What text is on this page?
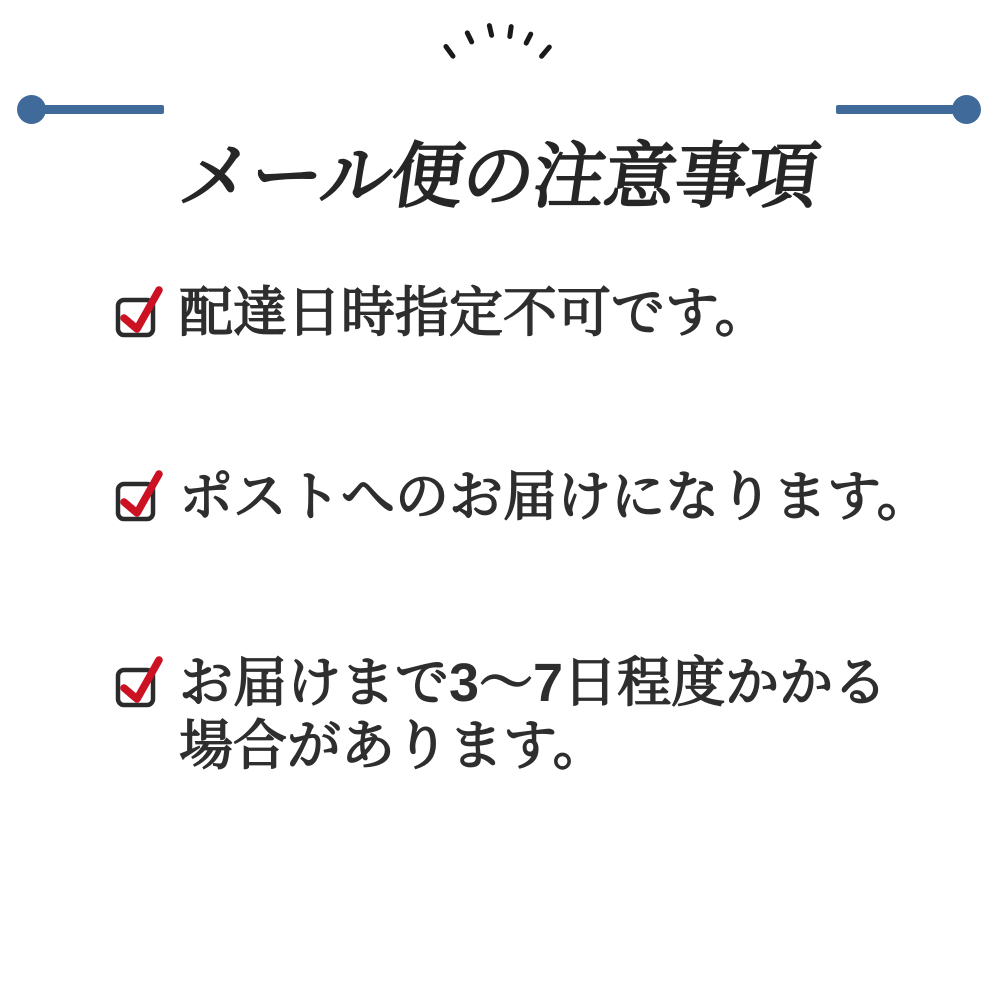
メール便の注意事項
配達日時指定不可です。
ポストへのお届けになります。
お届けまで3〜7日程度かかる
場合があります。
